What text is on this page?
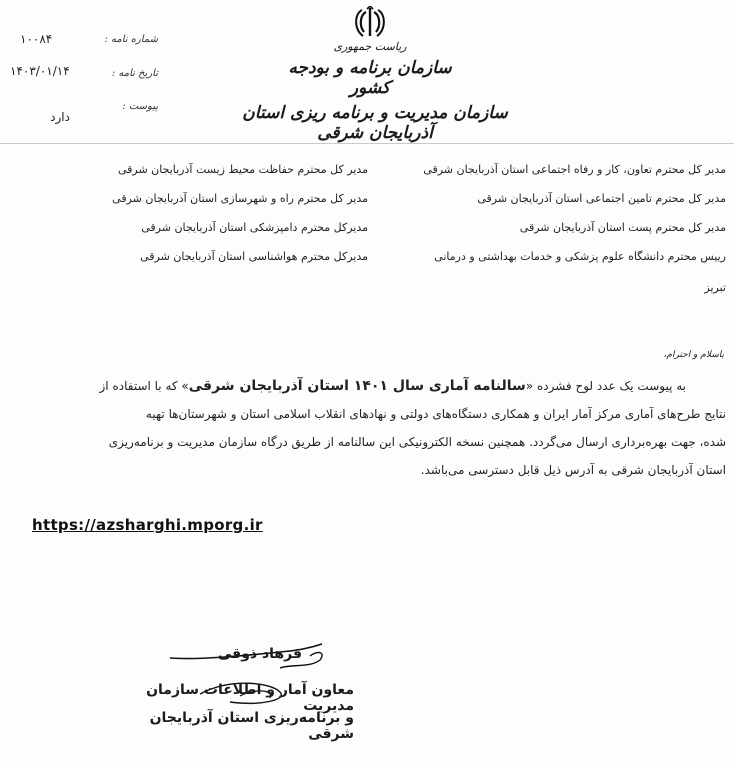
ریاست جمهوری
سازمان برنامه و بودجه کشور
سازمان مدیریت و برنامه ریزی استان آذربایجان شرقی
شماره نامه :
۱۰۰۸۴
تاریخ نامه :
۱۴۰۳/۰۱/۱۴
پیوست :
دارد
مدیر کل محترم تعاون، کار و رفاه اجتماعی استان آذربایجان شرقی
مدیر کل محترم تامین اجتماعی استان آذربایجان شرقی
مدیر کل محترم پست استان آذربایجان شرقی
رییس محترم دانشگاه علوم پزشکی و خدمات بهداشتی و درمانی
تبریز
مدیر کل محترم حفاظت محیط زیست آذربایجان شرقی
مدیر کل محترم راه و شهرسازی استان آذربایجان شرقی
مدیرکل محترم دامپزشکی استان آذربایجان شرقی
مدیرکل محترم هواشناسی استان آذربایجان شرقی
باسلام و احترام،
به پیوست یک عدد لوح فشرده «سالنامه آماری سال ۱۴۰۱ استان آذربایجان شرقی» که با استفاده از
نتایج طرح‌های آماری مرکز آمار ایران و همکاری دستگاه‌های دولتی و نهادهای انقلاب اسلامی استان و شهرستان‌ها تهیه
شده، جهت بهره‌برداری ارسال می‌گردد. همچنین نسخه الکترونیکی این سالنامه از طریق درگاه سازمان مدیریت و برنامه‌ریزی
استان آذربایجان شرقی به آدرس ذیل قابل دسترسی می‌باشد.
https://azsharghi.mporg.ir
فرهاد ذوقی
معاون آمار و اطلاعات سازمان مدیریت
و برنامه‌ریزی استان آذربایجان شرقی
